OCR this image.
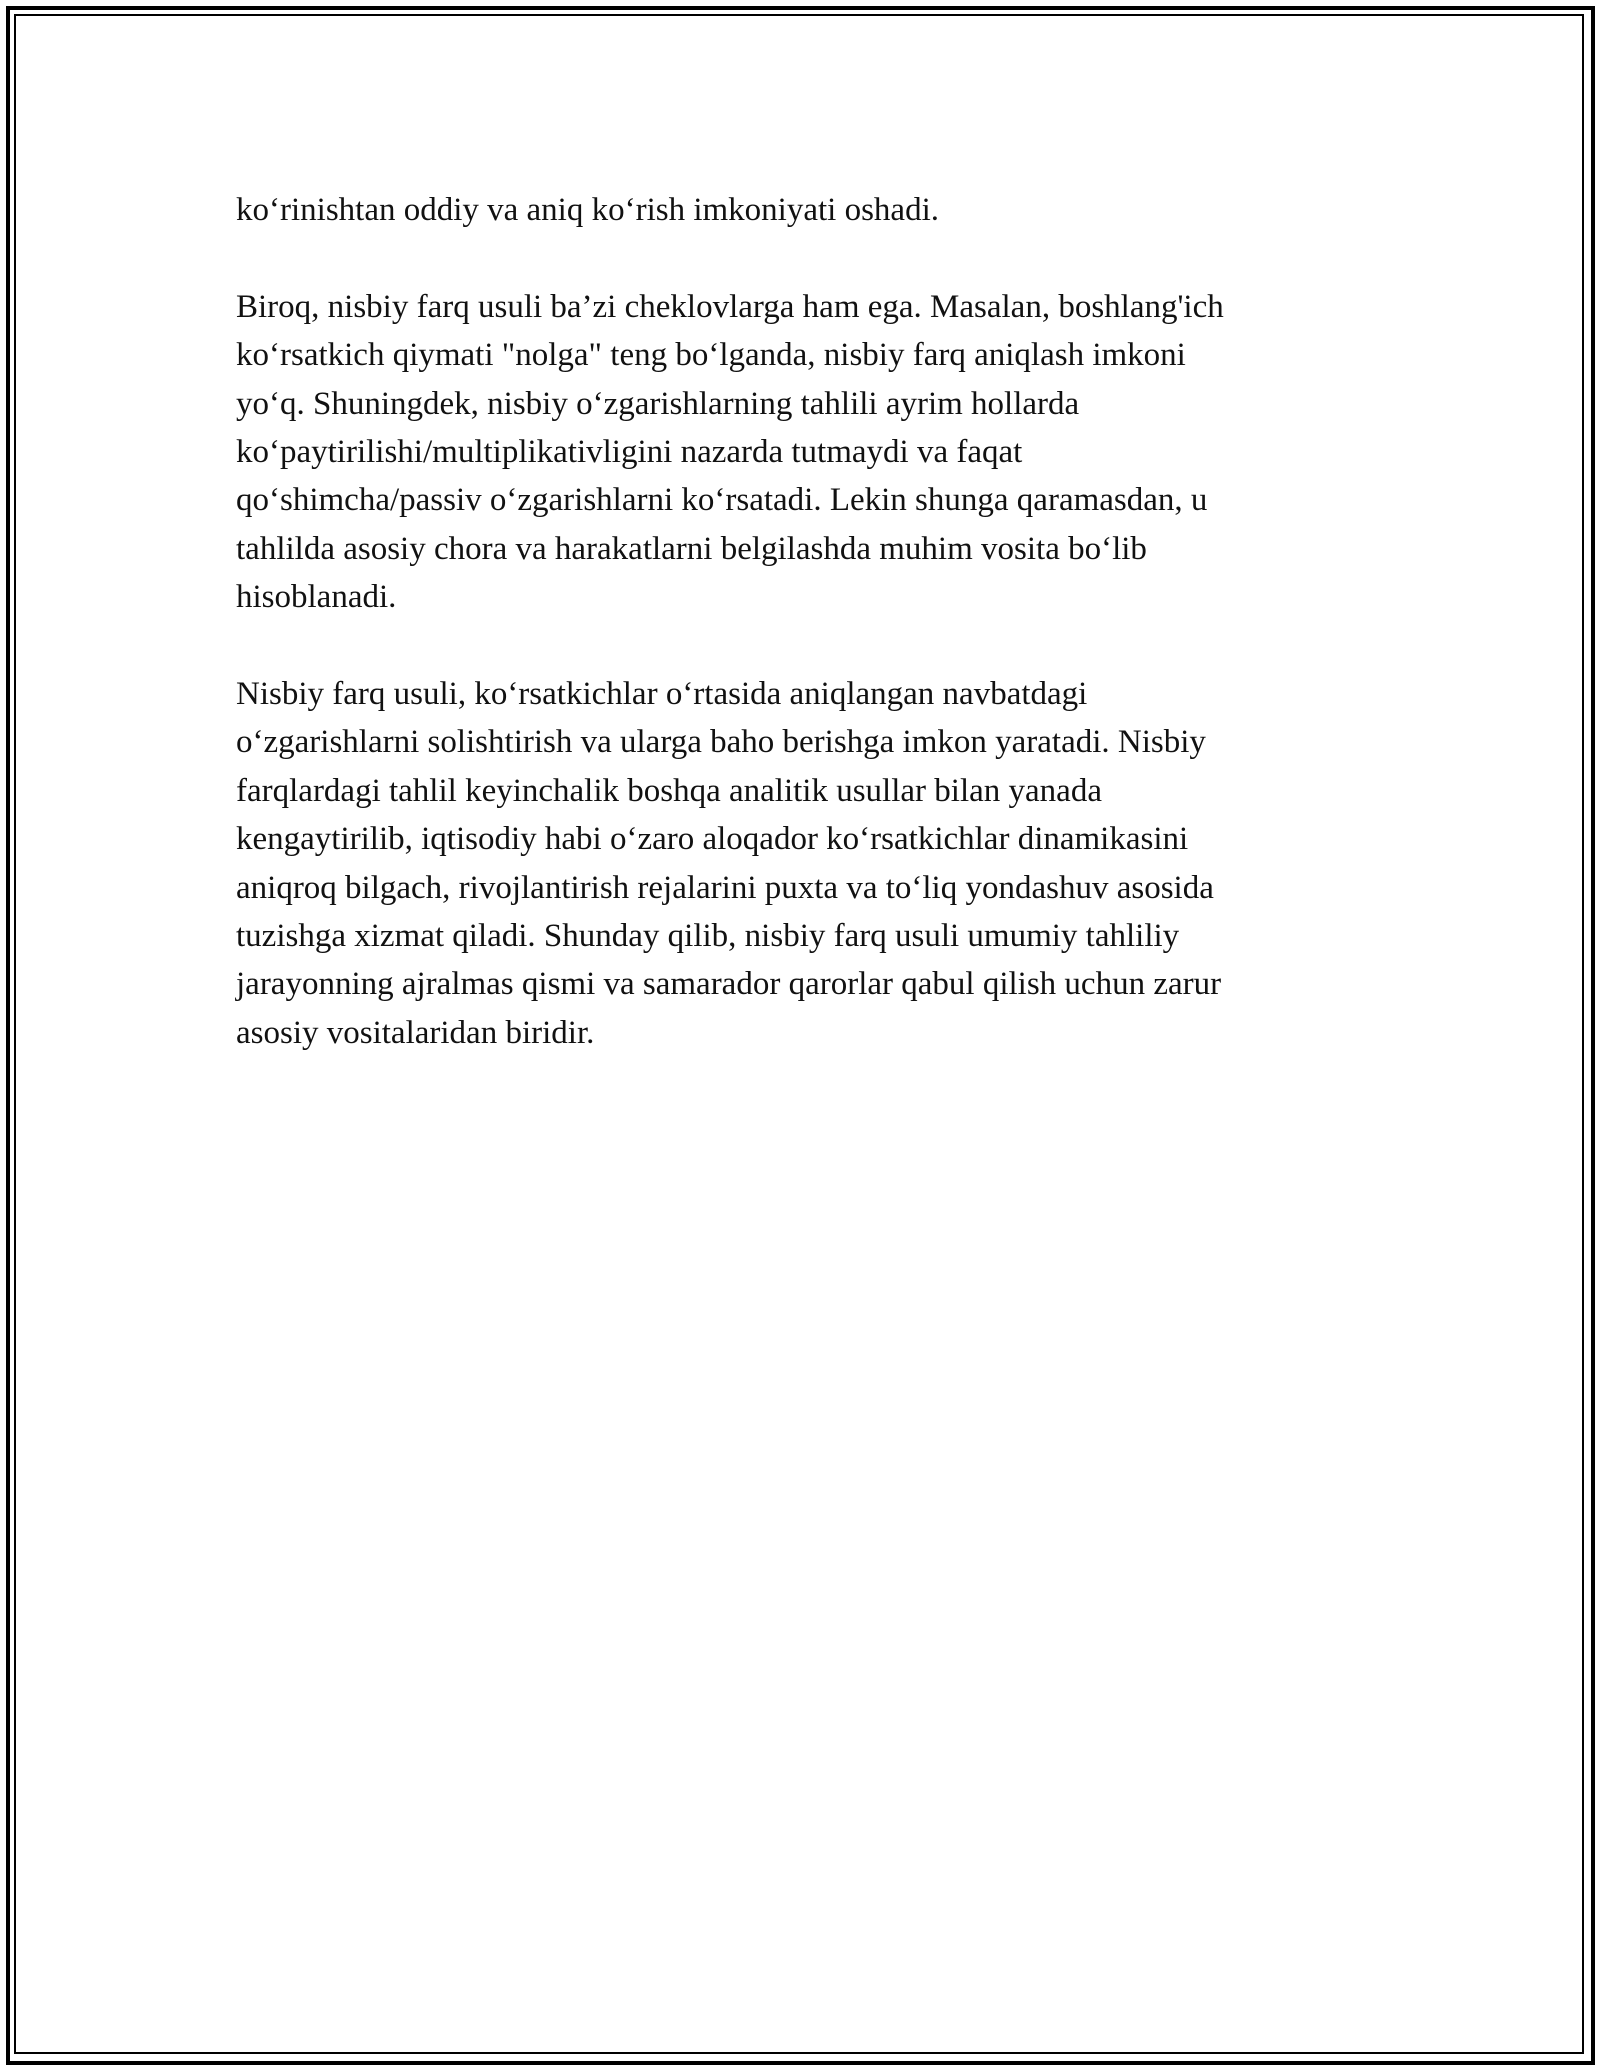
ko‘rinishtan oddiy va aniq ko‘rish imkoniyati oshadi.

Biroq, nisbiy farq usuli ba’zi cheklovlarga ham ega. Masalan, boshlang'ich
ko‘rsatkich qiymati "nolga" teng bo‘lganda, nisbiy farq aniqlash imkoni
yo‘q. Shuningdek, nisbiy o‘zgarishlarning tahlili ayrim hollarda
ko‘paytirilishi/multiplikativligini nazarda tutmaydi va faqat
qo‘shimcha/passiv o‘zgarishlarni ko‘rsatadi. Lekin shunga qaramasdan, u
tahlilda asosiy chora va harakatlarni belgilashda muhim vosita bo‘lib
hisoblanadi.

Nisbiy farq usuli, ko‘rsatkichlar o‘rtasida aniqlangan navbatdagi
o‘zgarishlarni solishtirish va ularga baho berishga imkon yaratadi. Nisbiy
farqlardagi tahlil keyinchalik boshqa analitik usullar bilan yanada
kengaytirilib, iqtisodiy habi o‘zaro aloqador ko‘rsatkichlar dinamikasini
aniqroq bilgach, rivojlantirish rejalarini puxta va to‘liq yondashuv asosida
tuzishga xizmat qiladi. Shunday qilib, nisbiy farq usuli umumiy tahliliy
jarayonning ajralmas qismi va samarador qarorlar qabul qilish uchun zarur
asosiy vositalaridan biridir.
